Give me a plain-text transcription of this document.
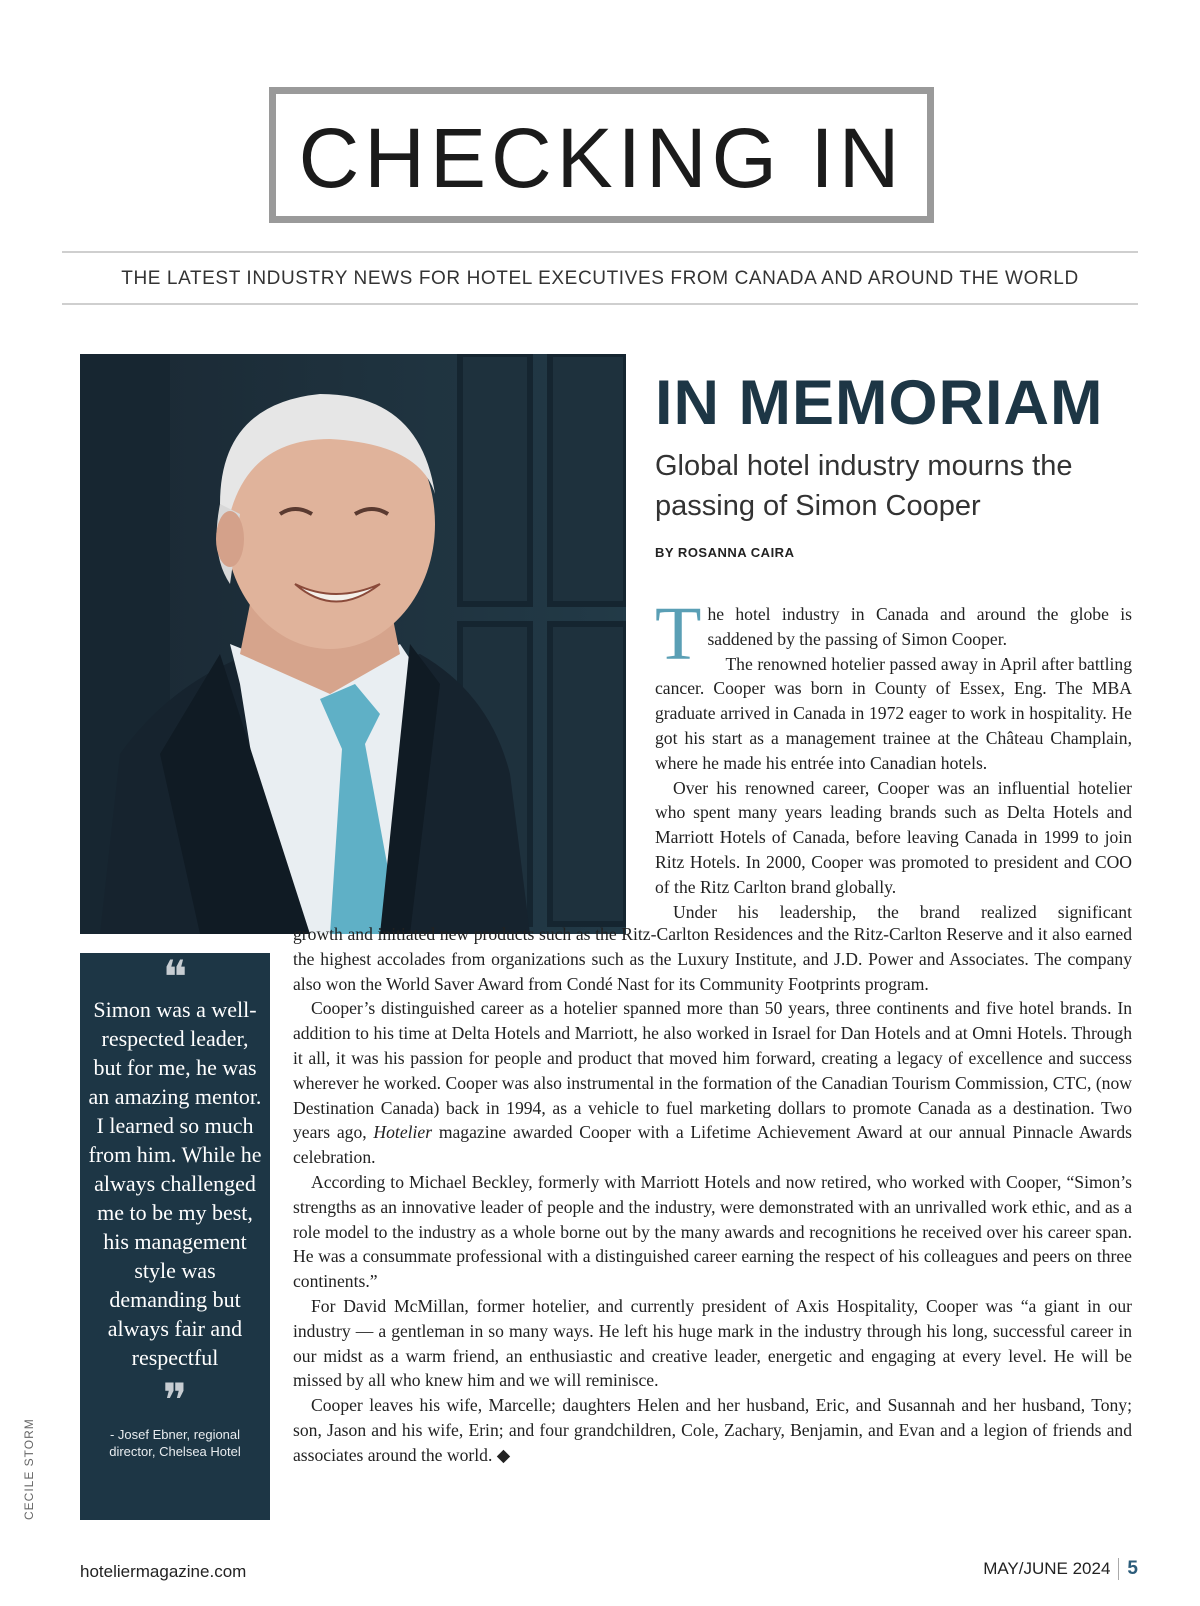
CHECKING IN
THE LATEST INDUSTRY NEWS FOR HOTEL EXECUTIVES FROM CANADA AND AROUND THE WORLD
IN MEMORIAM
Global hotel industry mourns the passing of Simon Cooper
BY ROSANNA CAIRA

The hotel industry in Canada and around the globe is saddened by the passing of Simon Cooper.

The renowned hotelier passed away in April after battling cancer. Cooper was born in County of Essex, Eng. The MBA graduate arrived in Canada in 1972 eager to work in hospitality. He got his start as a management trainee at the Château Champlain, where he made his entrée into Canadian hotels.

Over his renowned career, Cooper was an influential hotelier who spent many years leading brands such as Delta Hotels and Marriott Hotels of Canada, before leaving Canada in 1999 to join Ritz Hotels. In 2000, Cooper was promoted to president and COO of the Ritz Carlton brand globally.

Under his leadership, the brand realized significant

growth and initiated new products such as the Ritz-Carlton Residences and the Ritz-Carlton Reserve and it also earned the highest accolades from organizations such as the Luxury Institute, and J.D. Power and Associates. The company also won the World Saver Award from Condé Nast for its Community Footprints program.

Cooper’s distinguished career as a hotelier spanned more than 50 years, three continents and five hotel brands. In addition to his time at Delta Hotels and Marriott, he also worked in Israel for Dan Hotels and at Omni Hotels. Through it all, it was his passion for people and product that moved him forward, creating a legacy of excellence and success wherever he worked. Cooper was also instrumental in the formation of the Canadian Tourism Commission, CTC, (now Destination Canada) back in 1994, as a vehicle to fuel marketing dollars to promote Canada as a destination. Two years ago, Hotelier magazine awarded Cooper with a Lifetime Achievement Award at our annual Pinnacle Awards celebration.

According to Michael Beckley, formerly with Marriott Hotels and now retired, who worked with Cooper, “Simon’s strengths as an innovative leader of people and the industry, were demonstrated with an unrivalled work ethic, and as a role model to the industry as a whole borne out by the many awards and recognitions he received over his career span. He was a consummate professional with a distinguished career earning the respect of his colleagues and peers on three continents.”

For David McMillan, former hotelier, and currently president of Axis Hospitality, Cooper was “a giant in our industry — a gentleman in so many ways. He left his huge mark in the industry through his long, successful career in our midst as a warm friend, an enthusiastic and creative leader, energetic and engaging at every level. He will be missed by all who knew him and we will reminisce.

Cooper leaves his wife, Marcelle; daughters Helen and her husband, Eric, and Susannah and her husband, Tony; son, Jason and his wife, Erin; and four grandchildren, Cole, Zachary, Benjamin, and Evan and a legion of friends and associates around the world. ◆

❝
Simon was a well-respected leader, but for me, he was an amazing mentor. I learned so much from him. While he always challenged me to be my best, his management style was demanding but always fair and respectful
❞
- Josef Ebner, regional director, Chelsea Hotel
CECILE STORM
hoteliermagazine.com	MAY/JUNE 2024 5
